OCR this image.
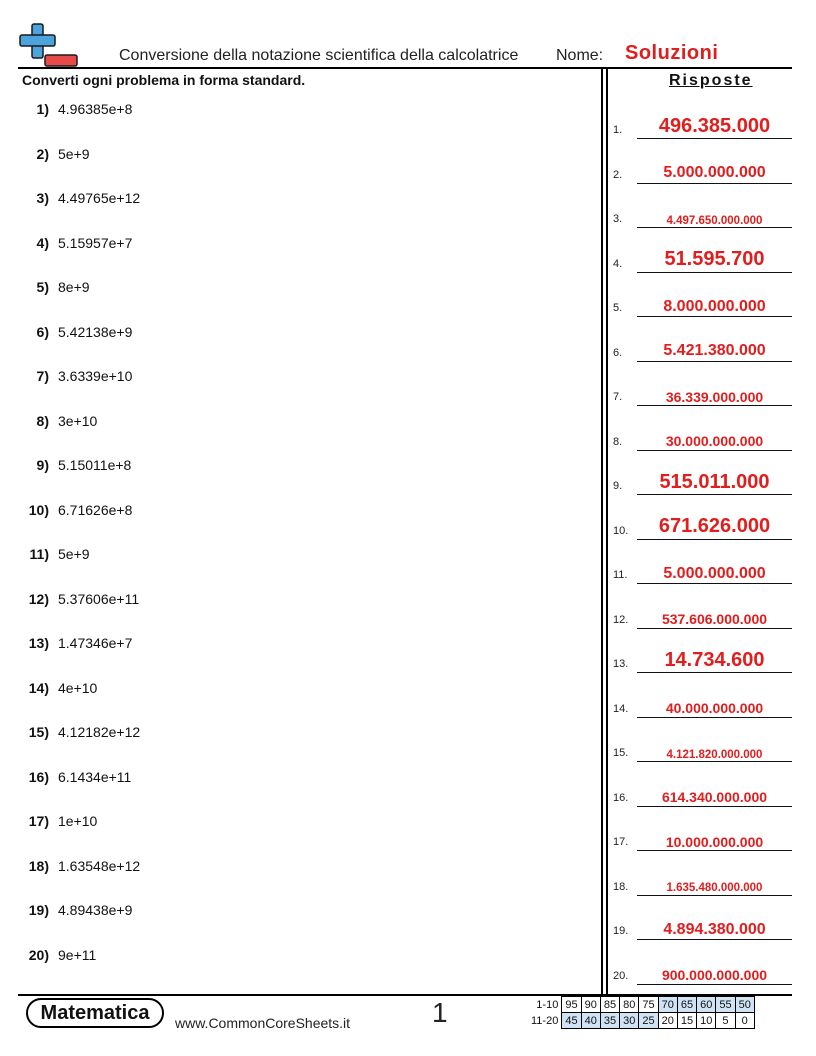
Conversione della notazione scientifica della calcolatrice Nome: Soluzioni
Converti ogni problema in forma standard.	Risposte
1) 4.96385e+8
2) 5e+9
3) 4.49765e+12
4) 5.15957e+7
5) 8e+9
6) 5.42138e+9
7) 3.6339e+10
8) 3e+10
9) 5.15011e+8
10) 6.71626e+8
11) 5e+9
12) 5.37606e+11
13) 1.47346e+7
14) 4e+10
15) 4.12182e+12
16) 6.1434e+11
17) 1e+10
18) 1.63548e+12
19) 4.89438e+9
20) 9e+11
1.	496.385.000
2.	5.000.000.000
3.	4.497.650.000.000
4.	51.595.700
5.	8.000.000.000
6.	5.421.380.000
7.	36.339.000.000
8.	30.000.000.000
9.	515.011.000
10.	671.626.000
11.	5.000.000.000
12.	537.606.000.000
13.	14.734.600
14.	40.000.000.000
15.	4.121.820.000.000
16.	614.340.000.000
17.	10.000.000.000
18.	1.635.480.000.000
19.	4.894.380.000
20.	900.000.000.000
Matematica	www.CommonCoreSheets.it	1	1-10	95	90	85	80	75	70	65	60	55	50
11-20	45	40	35	30	25	20	15	10	5	0
